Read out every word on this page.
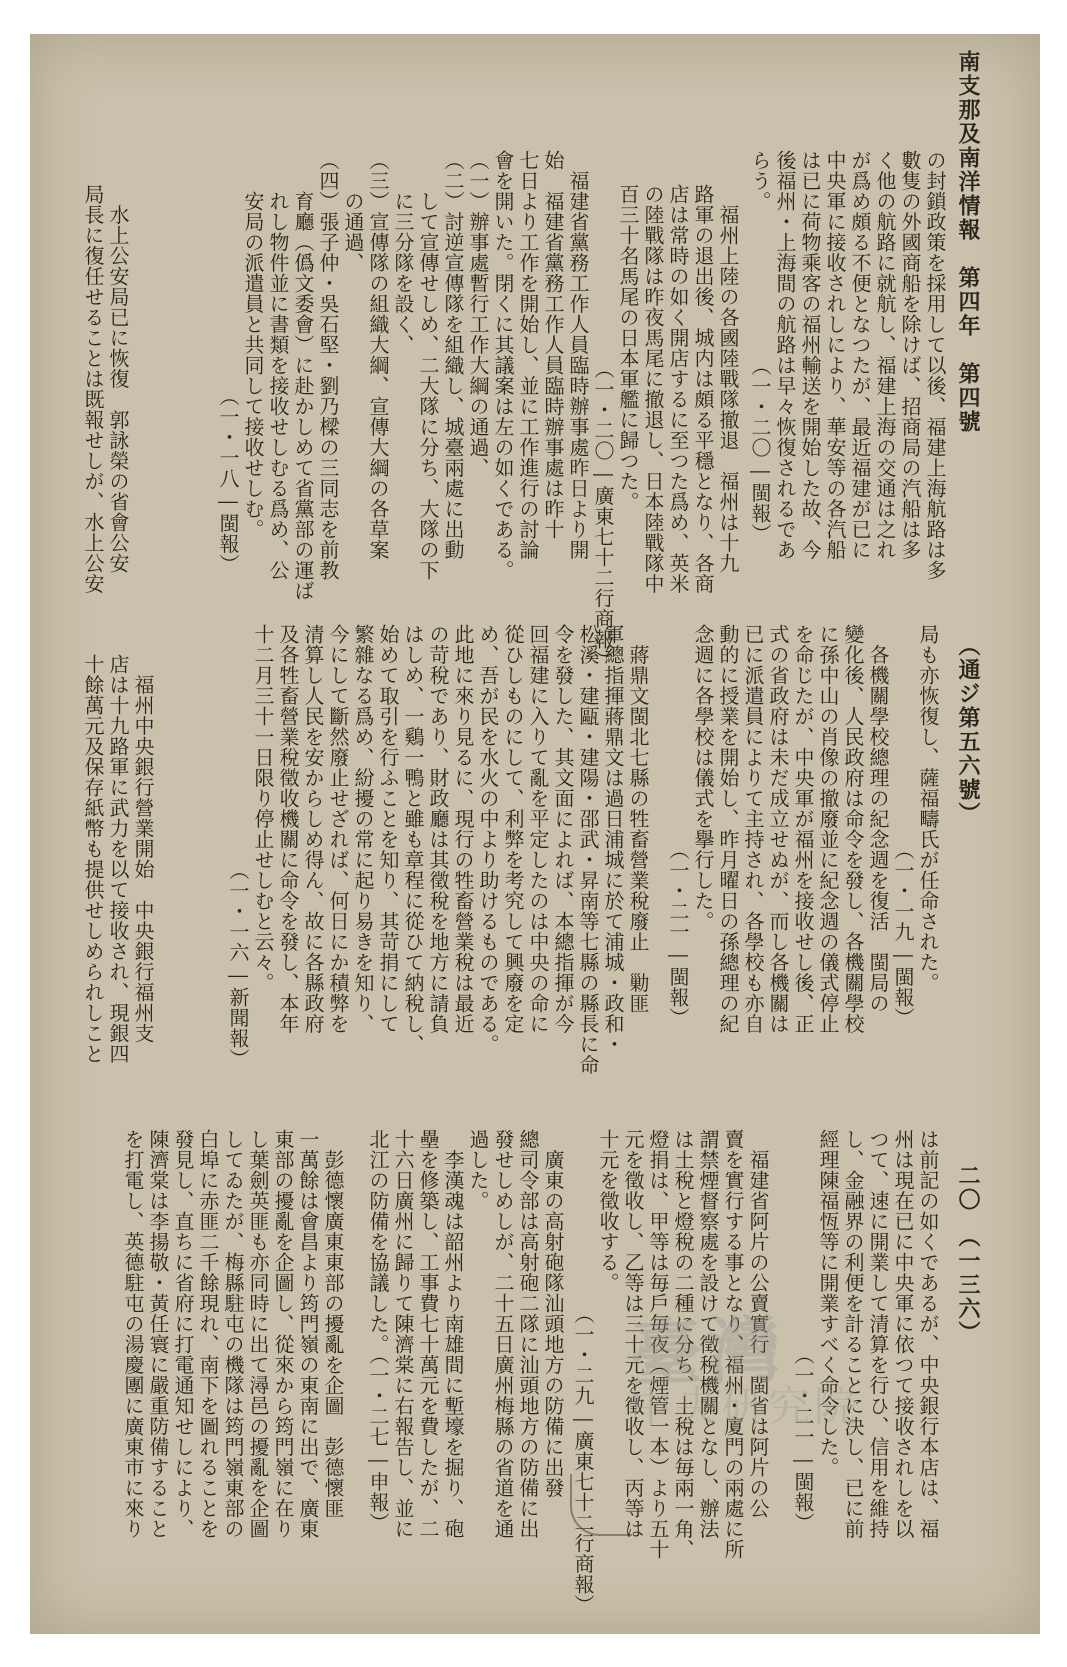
南支那及南洋情報　第四年　第四號
（通ジ第五六號）
二〇　（一三六）
の封鎖政策を採用して以後、福建上海航路は多
數隻の外國商船を除けば、招商局の汽船は多
く他の航路に就航し、福建上海の交通は之れ
が爲め頗る不便となつたが、最近福建が已に
中央軍に接收されしにより、華安等の各汽船
は已に荷物乘客の福州輸送を開始した故、今
後福州・上海間の航路は早々恢復されるであ
らう。　　　　　　　　（一・二〇―閩報）
　福州上陸の各國陸戰隊撤退　福州は十九
路軍の退出後、城内は頗る平穩となり、各商
店は常時の如く開店するに至つた爲め、英米
の陸戰隊は昨夜馬尾に撤退し、日本陸戰隊中
百三十名馬尾の日本軍艦に歸つた。
　　　　　　　　　（一・二〇―廣東七十二行商報）
　福建省黨務工作人員臨時辦事處昨日より開
始　福建省黨務工作人員臨時辦事處は昨十
七日より工作を開始し、並に工作進行の討論
會を開いた。閉くに其議案は左の如くである。
（一）辦事處暫行工作大綱の通過、
（二）討逆宣傳隊を組織し、城臺兩處に出動
　　して宣傳せしめ、二大隊に分ち、大隊の下
　　に三分隊を設く、
（三）宣傳隊の組織大綱、宣傳大綱の各草案
　　の通過、
（四）張子仲・吳石堅・劉乃樑の三同志を前教
　　育廳（僞文委會）に赴かしめて省黨部の運ば
　　れし物件並に書類を接收せしむる爲め、公
　　安局の派遣員と共同して接收せしむ。
　　　　　　　　　　　　（一・一八―閩報）
　水上公安局已に恢復　郭詠榮の省會公安
局長に復任せることは既報せしが、水上公安
局も亦恢復し、薩福疇氏が任命された。
　　　　　　　　　　　（一・一九―閩報）
　各機關學校總理の紀念週を復活　閩局の
變化後、人民政府は命令を發し、各機關學校
に孫中山の肖像の撤廢並に紀念週の儀式停止
を命じたが、中央軍が福州を接收せし後、正
式の省政府は未だ成立せぬが、而し各機關は
已に派遣員によりて主持され、各學校も亦自
動的に授業を開始し、昨月曜日の孫總理の紀
念週に各學校は儀式を擧行した。
　　　　　　　　　　　（一・二一―閩報）
　蔣鼎文閩北七縣の牲畜營業稅廢止　勦匪
軍總指揮蔣鼎文は過日浦城に於て浦城・政和・
松溪・建甌・建陽・邵武・昇南等七縣の縣長に命
令を發した、其文面によれば、本總指揮が今
回福建に入りて亂を平定したのは中央の命に
從ひしものにして、利弊を考究して興廢を定
め、吾が民を水火の中より助けるものである。
此地に來り見るに、現行の牲畜營業稅は最近
の苛稅であり、財政廳は其徵稅を地方に請負
はしめ、一鷄一鴨と雖も章程に從ひて納稅し、
始めて取引を行ふことを知り、其苛捐にして
繁雜なる爲め、紛擾の常に起り易きを知り、
今にして斷然廢止せざれば、何日にか積弊を
清算し人民を安からしめ得ん、故に各縣政府
及各牲畜營業稅徵收機關に命令を發し、本年
十二月三十一日限り停止せしむと云々。
　　　　　　　　　　　　（一・一六―新聞報）
　福州中央銀行營業開始　中央銀行福州支
店は十九路軍に武力を以て接收され、現銀四
十餘萬元及保存紙幣も提供せしめられしこと
は前記の如くであるが、中央銀行本店は、福
州は現在已に中央軍に依つて接收されしを以
つて、速に開業して清算を行ひ、信用を維持
し、金融界の利便を計ることに決し、已に前
經理陳福恆等に開業すべく命令した。
　　　　　　　　　　　（一・二一―閩報）
　福建省阿片の公賣實行　閩省は阿片の公
賣を實行する事となり、福州・廈門の兩處に所
謂禁煙督察處を設けて徵稅機關となし、辦法
は土稅と燈稅の二種に分ち、土稅は毎兩一角、
燈捐は、甲等は毎戶毎夜（煙管一本）より五十
元を徵收し、乙等は三十元を徵收し、丙等は
十元を徵收する。
　　　　　　　　　（一・二九―廣東七十二行商報）
　廣東の高射砲隊汕頭地方の防備に出發
總司令部は高射砲二隊に汕頭地方の防備に出
發せしめしが、二十五日廣州梅縣の省道を通
過した。
　李漢魂は韶州より南雄間に塹壕を掘り、砲
壘を修築し、工事費七十萬元を費したが、二
十六日廣州に歸りて陳濟棠に右報告し、並に
北江の防備を協議した。（一・二七―申報）
　彭德懷廣東東部の擾亂を企圖　彭德懷匪
一萬餘は會昌より筠門嶺の東南に出で、廣東
東部の擾亂を企圖し、從來から筠門嶺に在り
し葉劍英匪も亦同時に出て潯邑の擾亂を企圖
してゐたが、梅縣駐屯の機隊は筠門嶺東部の
白埠に赤匪二千餘現れ、南下を圖れることを
發見し、直ちに省府に打電通知せしにより、
陳濟棠は李揚敬・黃任寰に嚴重防備すること
を打電し、英德駐屯の湯慶團に廣東市に來り	臺灣
中央研究院
